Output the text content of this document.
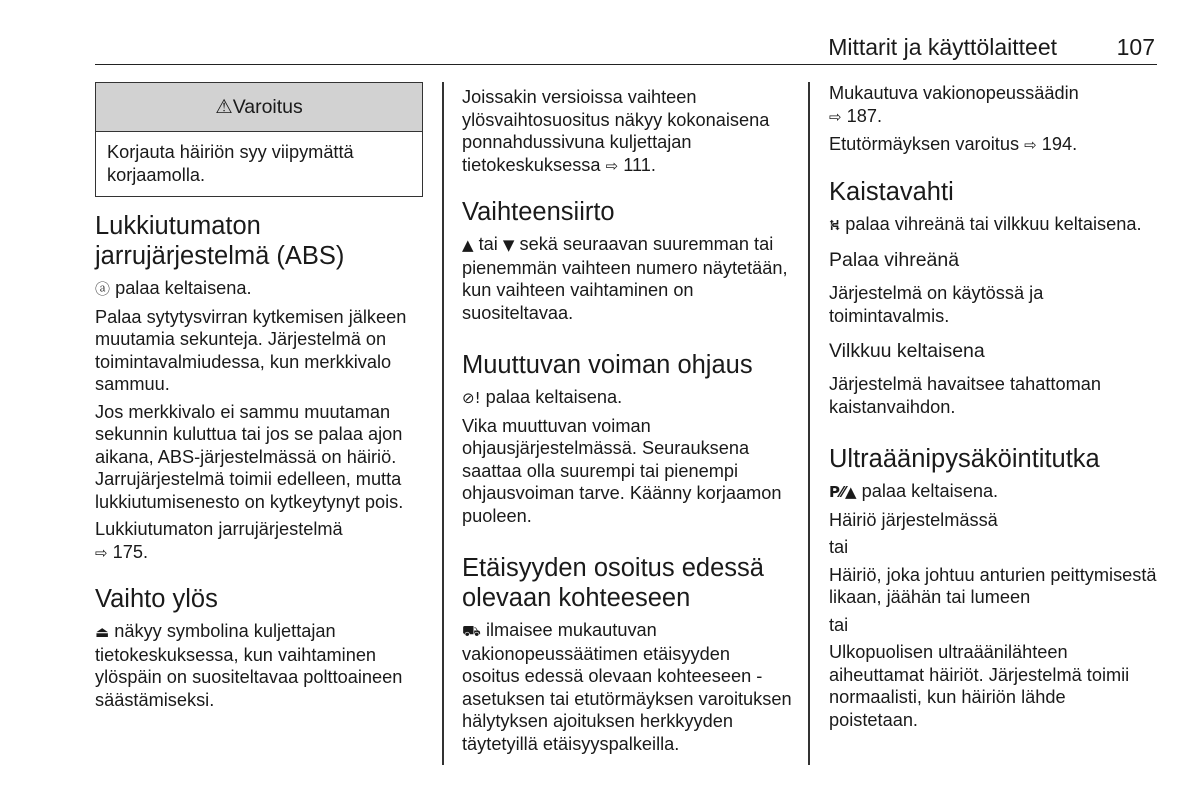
Mittarit ja käyttölaitteet	107
⚠ Varoitus
Korjauta häiriön syy viipymättä korjaamolla.
Lukkiutumaton
jarrujärjestelmä (ABS)

ⓐ palaa keltaisena.

Palaa sytytysvirran kytkemisen jälkeen muutamia sekunteja. Järjestelmä on toimintavalmiudessa, kun merkkivalo sammuu.

Jos merkkivalo ei sammu muutaman sekunnin kuluttua tai jos se palaa ajon aikana, ABS-järjestelmässä on häiriö. Jarrujärjestelmä toimii edelleen, mutta lukkiutumisenesto on kytkeytynyt pois.

Lukkiutumaton jarrujärjestelmä
⇨ 175.

Vaihto ylös

⏏ näkyy symbolina kuljettajan tietokeskuksessa, kun vaihtaminen ylöspäin on suositeltavaa polttoaineen säästämiseksi.

Joissakin versioissa vaihteen ylösvaihtosuositus näkyy kokonaisena ponnahdussivuna kuljettajan tietokeskuksessa ⇨ 111.

Vaihteensiirto

▲ tai ▼ sekä seuraavan suuremman tai pienemmän vaihteen numero näytetään, kun vaihteen vaihtaminen on suositeltavaa.

Muuttuvan voiman ohjaus

⊘! palaa keltaisena.

Vika muuttuvan voiman ohjausjärjestelmässä. Seurauksena saattaa olla suurempi tai pienempi ohjausvoiman tarve. Käänny korjaamon puoleen.

Etäisyyden osoitus edessä
olevaan kohteeseen

⛟ ilmaisee mukautuvan vakionopeussäätimen etäisyyden osoitus edessä olevaan kohteeseen -asetuksen tai etutörmäyksen varoituksen hälytyksen ajoituksen herkkyyden täytetyillä etäisyyspalkeilla.

Mukautuva vakionopeussäädin
⇨ 187.

Etutörmäyksen varoitus ⇨ 194.

Kaistavahti

⛕ palaa vihreänä tai vilkkuu keltaisena.

Palaa vihreänä

Järjestelmä on käytössä ja toimintavalmis.

Vilkkuu keltaisena

Järjestelmä havaitsee tahattoman kaistanvaihdon.

Ultraäänipysäköintitutka

P⁄⁄▲ palaa keltaisena.

Häiriö järjestelmässä

tai

Häiriö, joka johtuu anturien peittymisestä likaan, jäähän tai lumeen

tai

Ulkopuolisen ultraäänilähteen aiheuttamat häiriöt. Järjestelmä toimii normaalisti, kun häiriön lähde poistetaan.
